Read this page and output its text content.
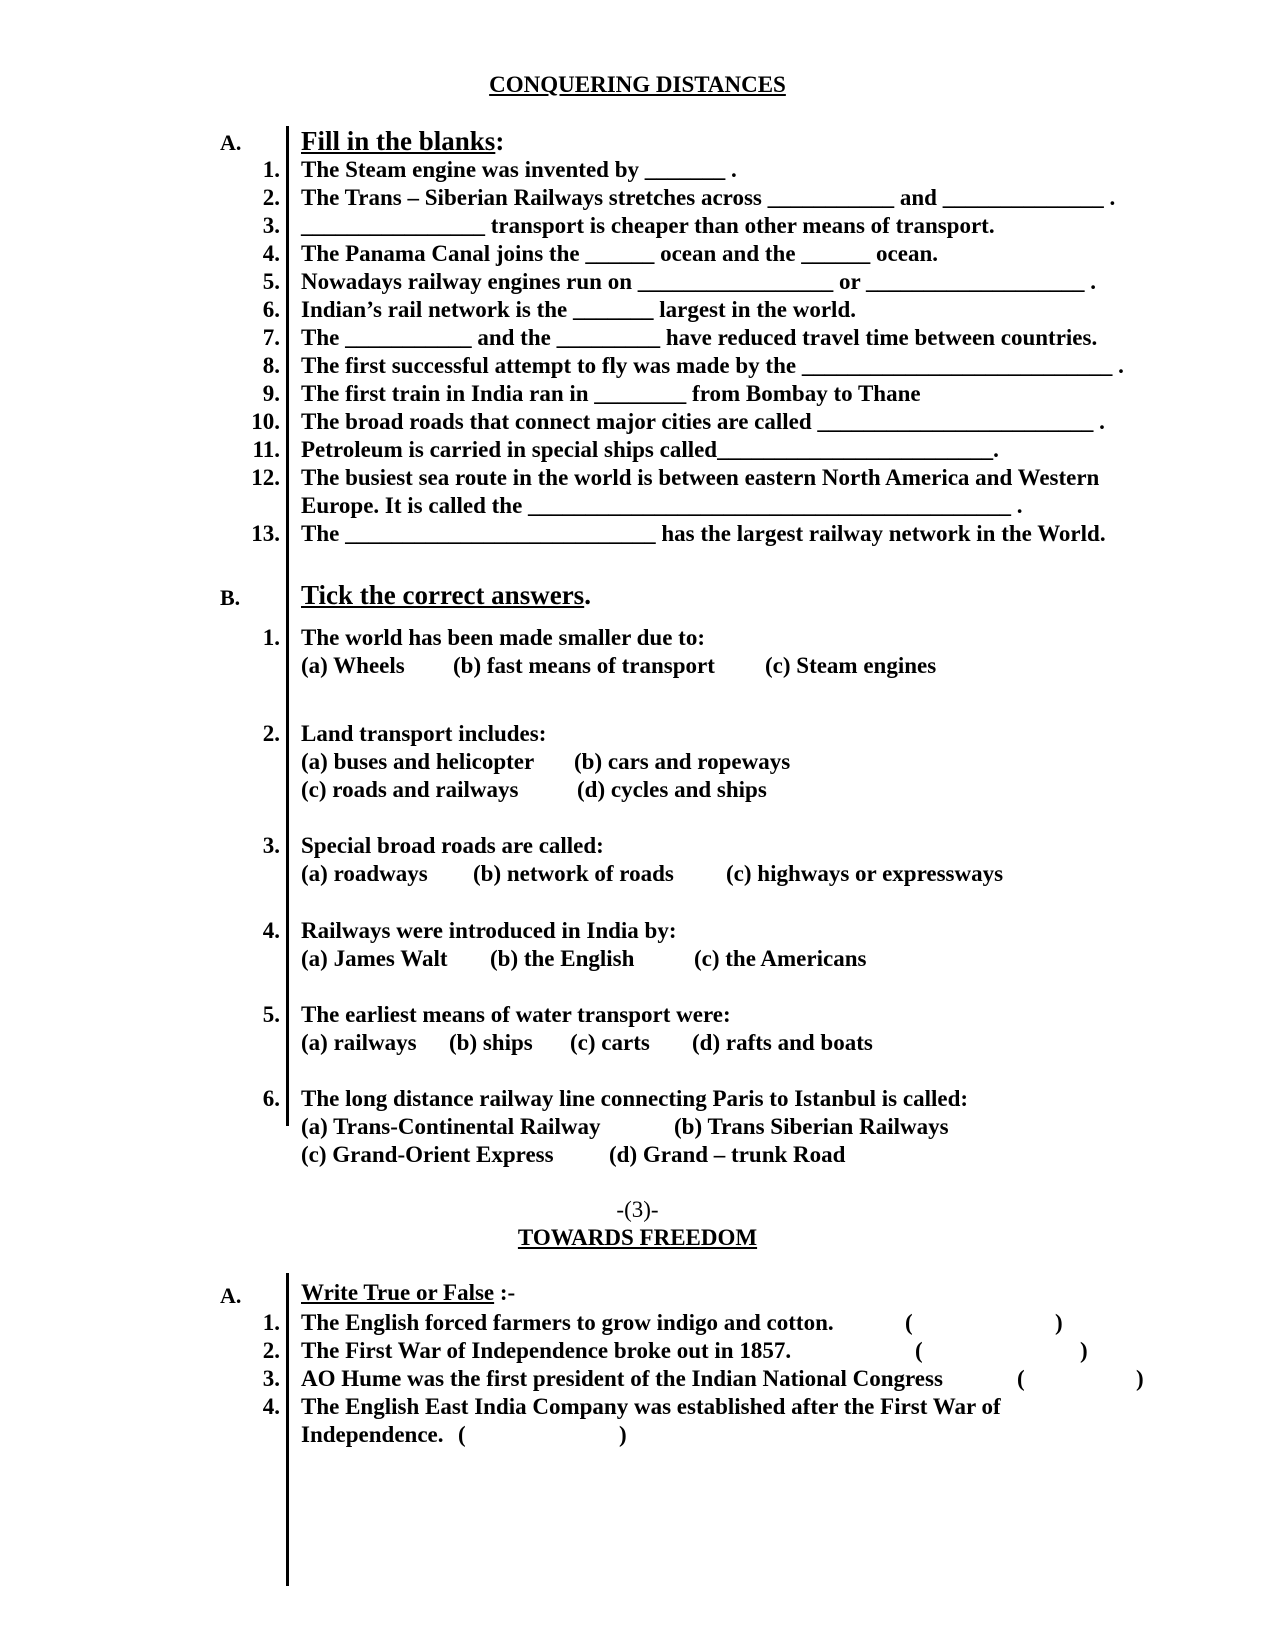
CONQUERING DISTANCES
A. Fill in the blanks:
1. The Steam engine was invented by _______ .
2. The Trans – Siberian Railways stretches across ___________ and ______________ .
3. ________________ transport is cheaper than other means of transport.
4. The Panama Canal joins the ______ ocean and the ______ ocean.
5. Nowadays railway engines run on _________________ or ___________________ .
6. Indian’s rail network is the _______ largest in the world.
7. The ___________ and the _________ have reduced travel time between countries.
8. The first successful attempt to fly was made by the ___________________________ .
9. The first train in India ran in ________ from Bombay to Thane
10. The broad roads that connect major cities are called ________________________ .
11. Petroleum is carried in special ships called________________________.
12. The busiest sea route in the world is between eastern North America and Western
Europe. It is called the __________________________________________ .
13. The ___________________________ has the largest railway network in the World.
B. Tick the correct answers.
1. The world has been made smaller due to:
(a) Wheels (b) fast means of transport (c) Steam engines
2. Land transport includes:
(a) buses and helicopter (b) cars and ropeways
(c) roads and railways	(d) cycles and ships
3. Special broad roads are called:
(a) roadways (b) network of roads (c) highways or expressways
4. Railways were introduced in India by:
(a) James Walt (b) the English	(c) the Americans
5. The earliest means of water transport were:
(a) railways (b) ships (c) carts (d) rafts and boats
6. The long distance railway line connecting Paris to Istanbul is called:
(a) Trans-Continental Railway	(b) Trans Siberian Railways
(c) Grand-Orient Express (d) Grand – trunk Road
-(3)-
TOWARDS FREEDOM
A.	Write True or False :-
1. The English forced farmers to grow indigo and cotton.	(	)
2. The First War of Independence broke out in 1857.	(	)
3. AO Hume was the first president of the Indian National Congress	(	)
4. The English East India Company was established after the First War of
Independence. (	)
